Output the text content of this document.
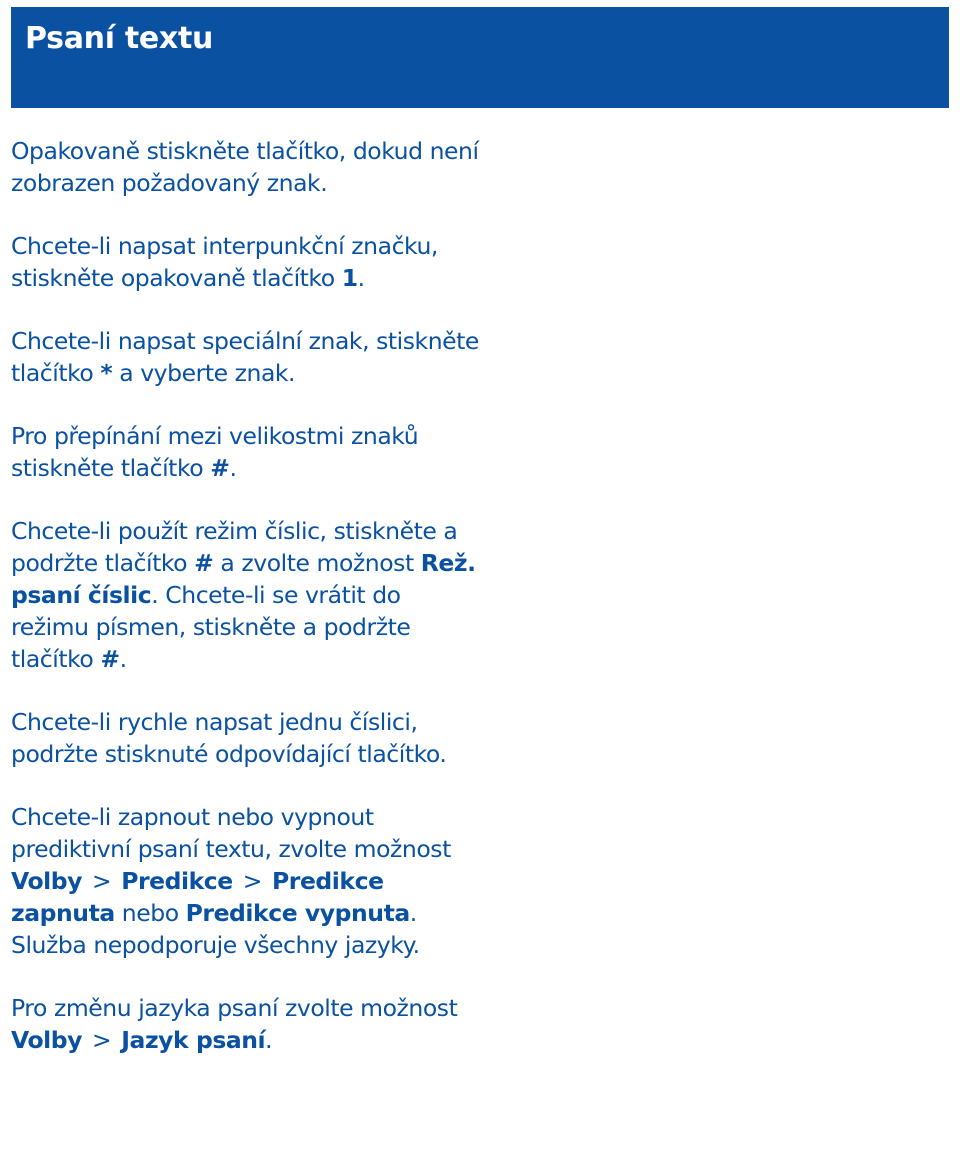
Psaní textu

Opakovaně stiskněte tlačítko, dokud není zobrazen požadovaný znak.

Chcete-li napsat interpunkční značku, stiskněte opakovaně tlačítko 1.

Chcete-li napsat speciální znak, stiskněte tlačítko * a vyberte znak.

Pro přepínání mezi velikostmi znaků stiskněte tlačítko #.

Chcete-li použít režim číslic, stiskněte a podržte tlačítko # a zvolte možnost Rež. psaní číslic. Chcete-li se vrátit do režimu písmen, stiskněte a podržte tlačítko #.

Chcete-li rychle napsat jednu číslici, podržte stisknuté odpovídající tlačítko.

Chcete-li zapnout nebo vypnout prediktivní psaní textu, zvolte možnost Volby > Predikce > Predikce zapnuta nebo Predikce vypnuta. Služba nepodporuje všechny jazyky.

Pro změnu jazyka psaní zvolte možnost Volby > Jazyk psaní.
